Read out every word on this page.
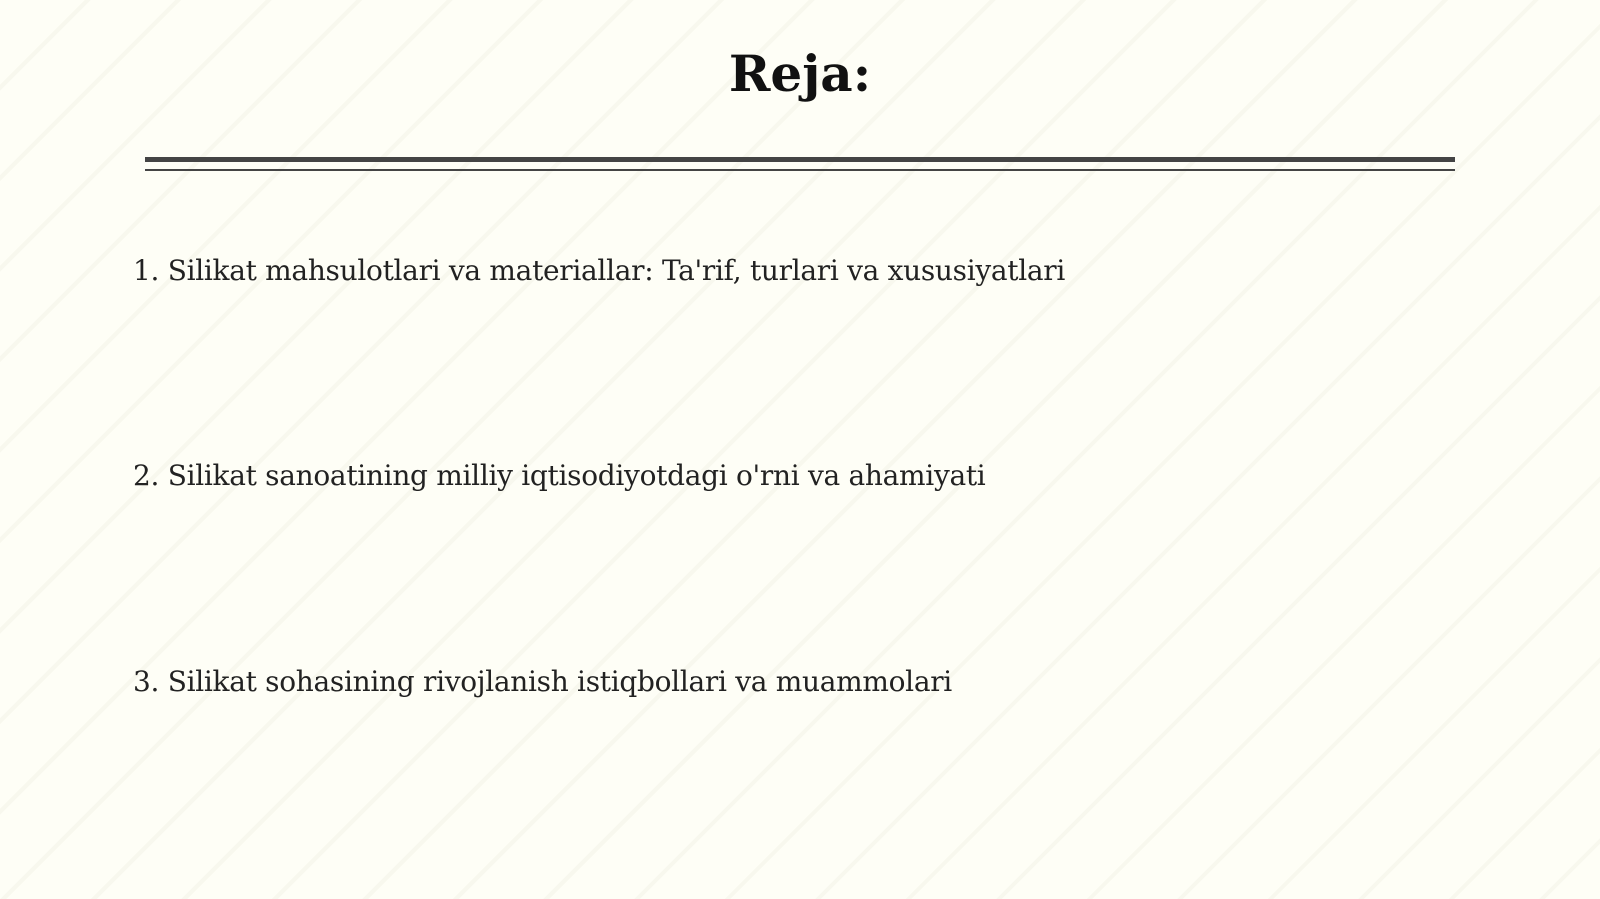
Reja:
1. Silikat mahsulotlari va materiallar: Ta'rif, turlari va xususiyatlari
2. Silikat sanoatining milliy iqtisodiyotdagi o'rni va ahamiyati
3. Silikat sohasining rivojlanish istiqbollari va muammolari
